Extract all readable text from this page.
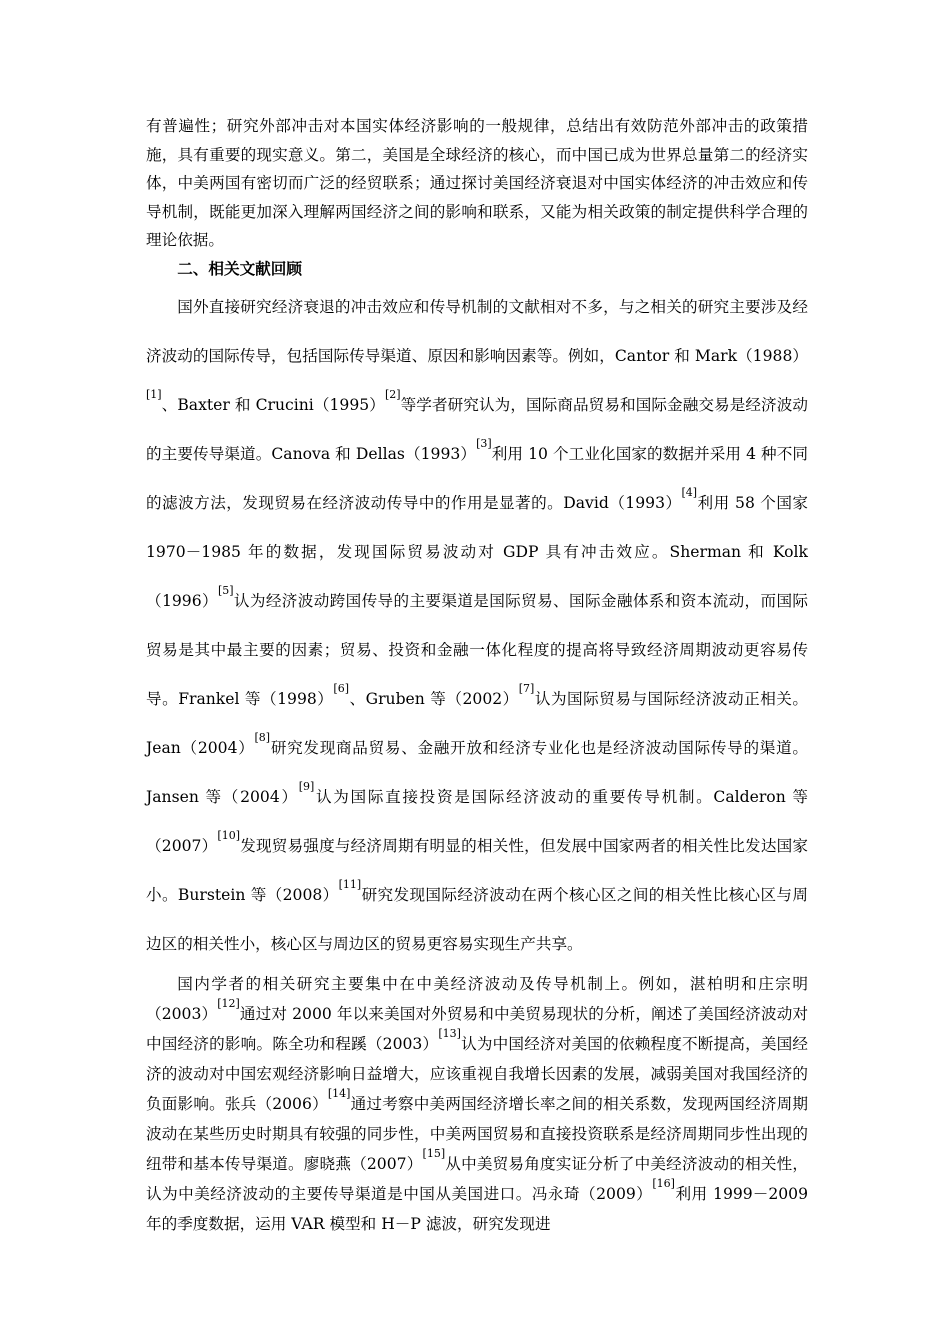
有普遍性；研究外部冲击对本国实体经济影响的一般规律，总结出有效防范外部冲击的政策措施，具有重要的现实意义。第二，美国是全球经济的核心，而中国已成为世界总量第二的经济实体，中美两国有密切而广泛的经贸联系；通过探讨美国经济衰退对中国实体经济的冲击效应和传导机制，既能更加深入理解两国经济之间的影响和联系，又能为相关政策的制定提供科学合理的理论依据。

二、相关文献回顾

国外直接研究经济衰退的冲击效应和传导机制的文献相对不多，与之相关的研究主要涉及经济波动的国际传导，包括国际传导渠道、原因和影响因素等。例如，Cantor 和 Mark（1988）[1]、Baxter 和 Crucini（1995）[2]等学者研究认为，国际商品贸易和国际金融交易是经济波动的主要传导渠道。Canova 和 Dellas（1993）[3]利用 10 个工业化国家的数据并采用 4 种不同的滤波方法，发现贸易在经济波动传导中的作用是显著的。David（1993）[4]利用 58 个国家 1970－1985 年的数据，发现国际贸易波动对 GDP 具有冲击效应。Sherman 和 Kolk（1996）[5]认为经济波动跨国传导的主要渠道是国际贸易、国际金融体系和资本流动，而国际贸易是其中最主要的因素；贸易、投资和金融一体化程度的提高将导致经济周期波动更容易传导。Frankel 等（1998）[6]、Gruben 等（2002）[7]认为国际贸易与国际经济波动正相关。Jean（2004）[8]研究发现商品贸易、金融开放和经济专业化也是经济波动国际传导的渠道。Jansen 等（2004）[9]认为国际直接投资是国际经济波动的重要传导机制。Calderon 等（2007）[10]发现贸易强度与经济周期有明显的相关性，但发展中国家两者的相关性比发达国家小。Burstein 等（2008）[11]研究发现国际经济波动在两个核心区之间的相关性比核心区与周边区的相关性小，核心区与周边区的贸易更容易实现生产共享。

国内学者的相关研究主要集中在中美经济波动及传导机制上。例如，湛柏明和庄宗明（2003）[12]通过对 2000 年以来美国对外贸易和中美贸易现状的分析，阐述了美国经济波动对中国经济的影响。陈全功和程蹊（2003）[13]认为中国经济对美国的依赖程度不断提高，美国经济的波动对中国宏观经济影响日益增大，应该重视自我增长因素的发展，减弱美国对我国经济的负面影响。张兵（2006）[14]通过考察中美两国经济增长率之间的相关系数，发现两国经济周期波动在某些历史时期具有较强的同步性，中美两国贸易和直接投资联系是经济周期同步性出现的纽带和基本传导渠道。廖晓燕（2007）[15]从中美贸易角度实证分析了中美经济波动的相关性，认为中美经济波动的主要传导渠道是中国从美国进口。冯永琦（2009）[16]利用 1999－2009 年的季度数据，运用 VAR 模型和 H－P 滤波，研究发现进
